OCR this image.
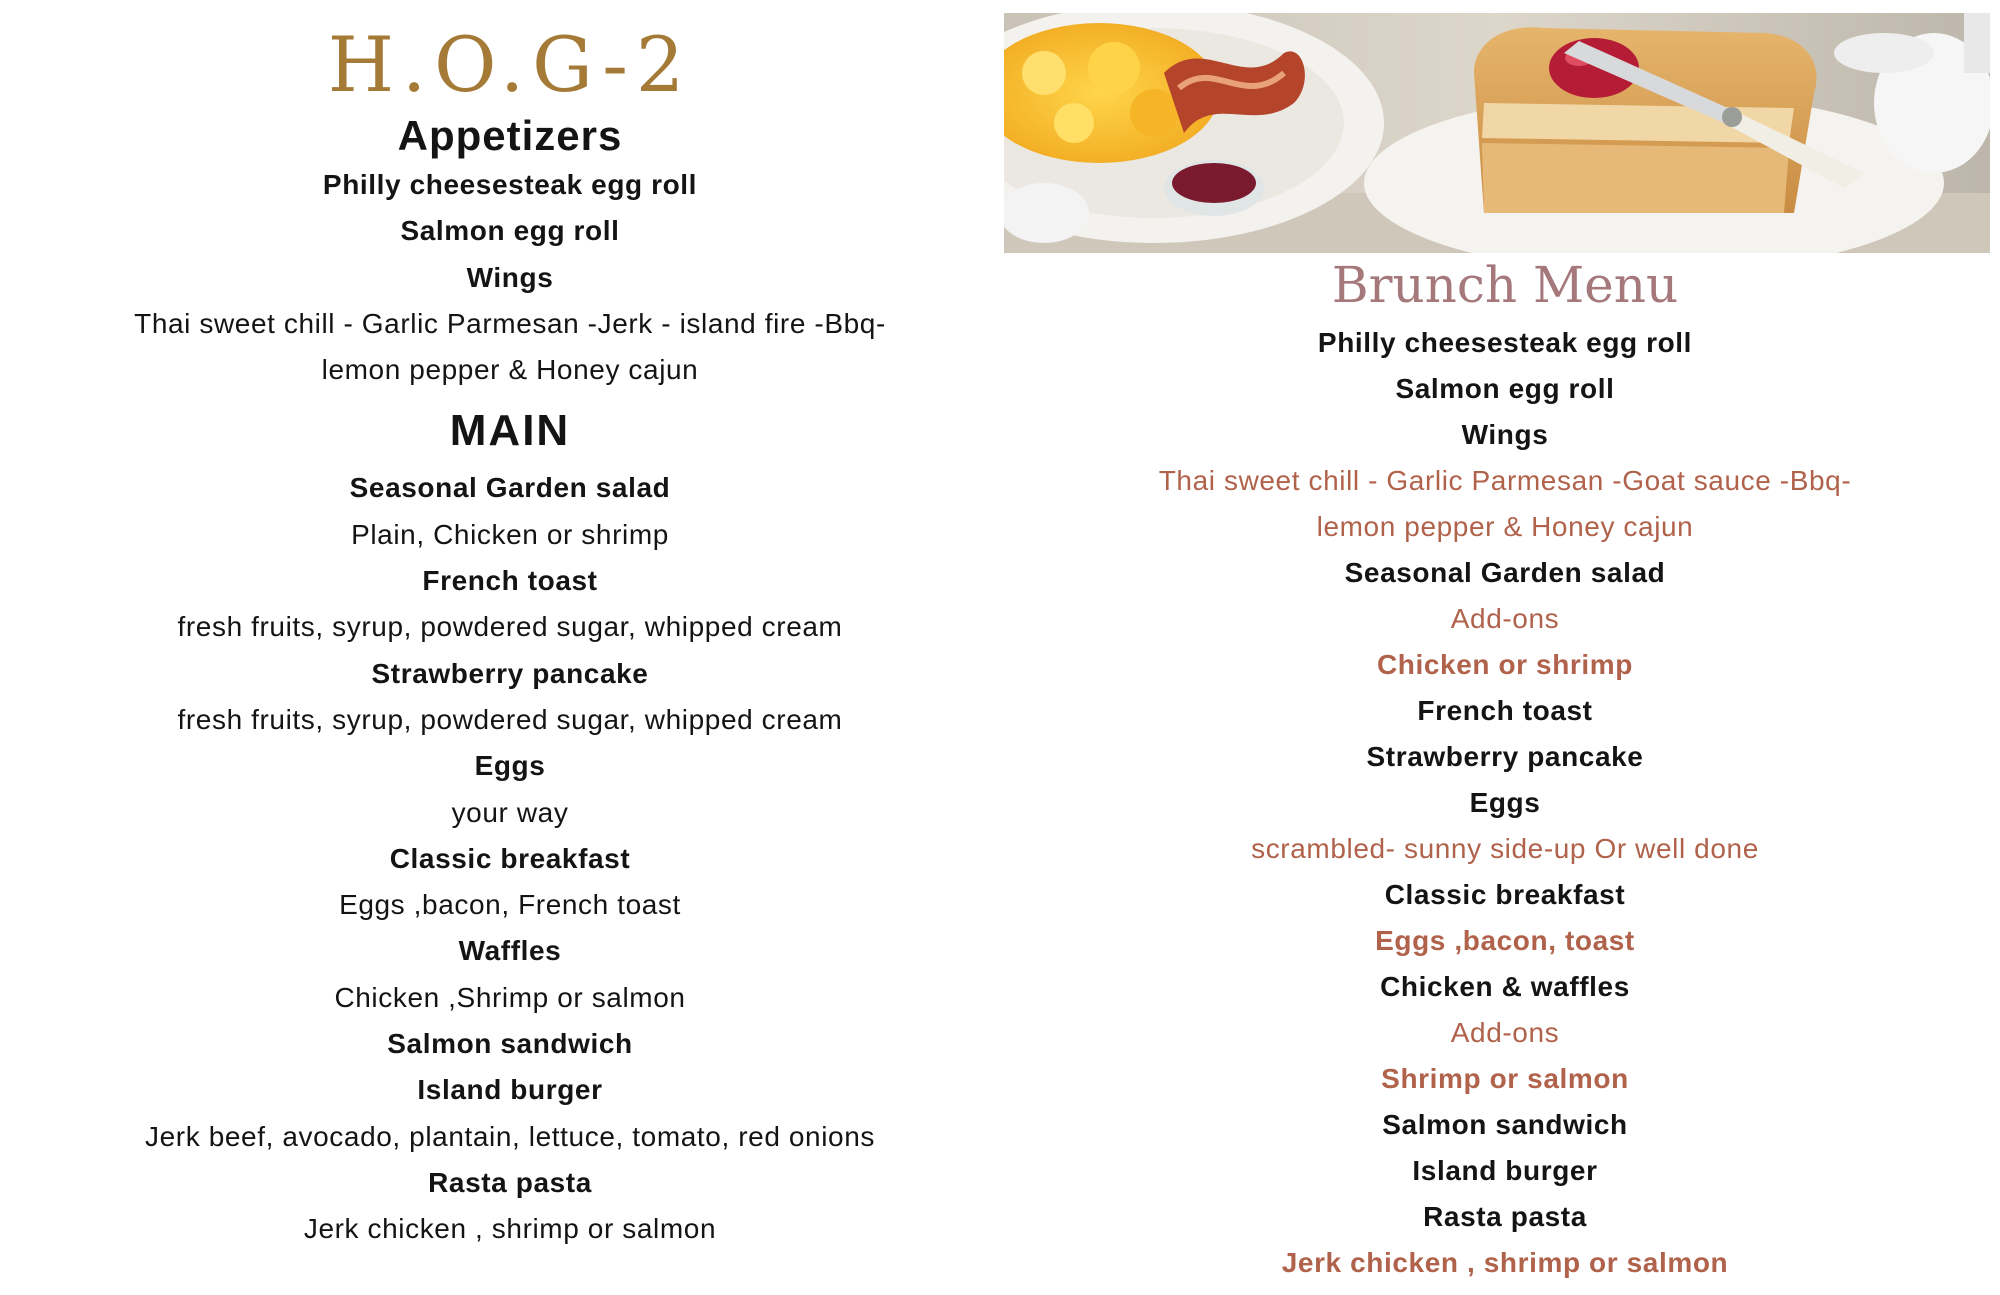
H.O.G-2
Appetizers
Philly cheesesteak egg roll
Salmon egg roll
Wings
Thai sweet chill - Garlic Parmesan -Jerk - island fire -Bbq-
lemon pepper & Honey cajun
MAIN
Seasonal Garden salad
Plain, Chicken or shrimp
French toast
fresh fruits, syrup, powdered sugar, whipped cream
Strawberry pancake
fresh fruits, syrup, powdered sugar, whipped cream
Eggs
your way
Classic breakfast
Eggs ,bacon, French toast
Waffles
Chicken ,Shrimp or salmon
Salmon sandwich
Island burger
Jerk beef, avocado, plantain, lettuce, tomato, red onions
Rasta pasta
Jerk chicken , shrimp or salmon
Brunch Menu
Philly cheesesteak egg roll
Salmon egg roll
Wings
Thai sweet chill - Garlic Parmesan -Goat sauce -Bbq-
lemon pepper & Honey cajun
Seasonal Garden salad
Add-ons
Chicken or shrimp
French toast
Strawberry pancake
Eggs
scrambled- sunny side-up Or well done
Classic breakfast
Eggs ,bacon, toast
Chicken & waffles
Add-ons
Shrimp or salmon
Salmon sandwich
Island burger
Rasta pasta
Jerk chicken , shrimp or salmon
